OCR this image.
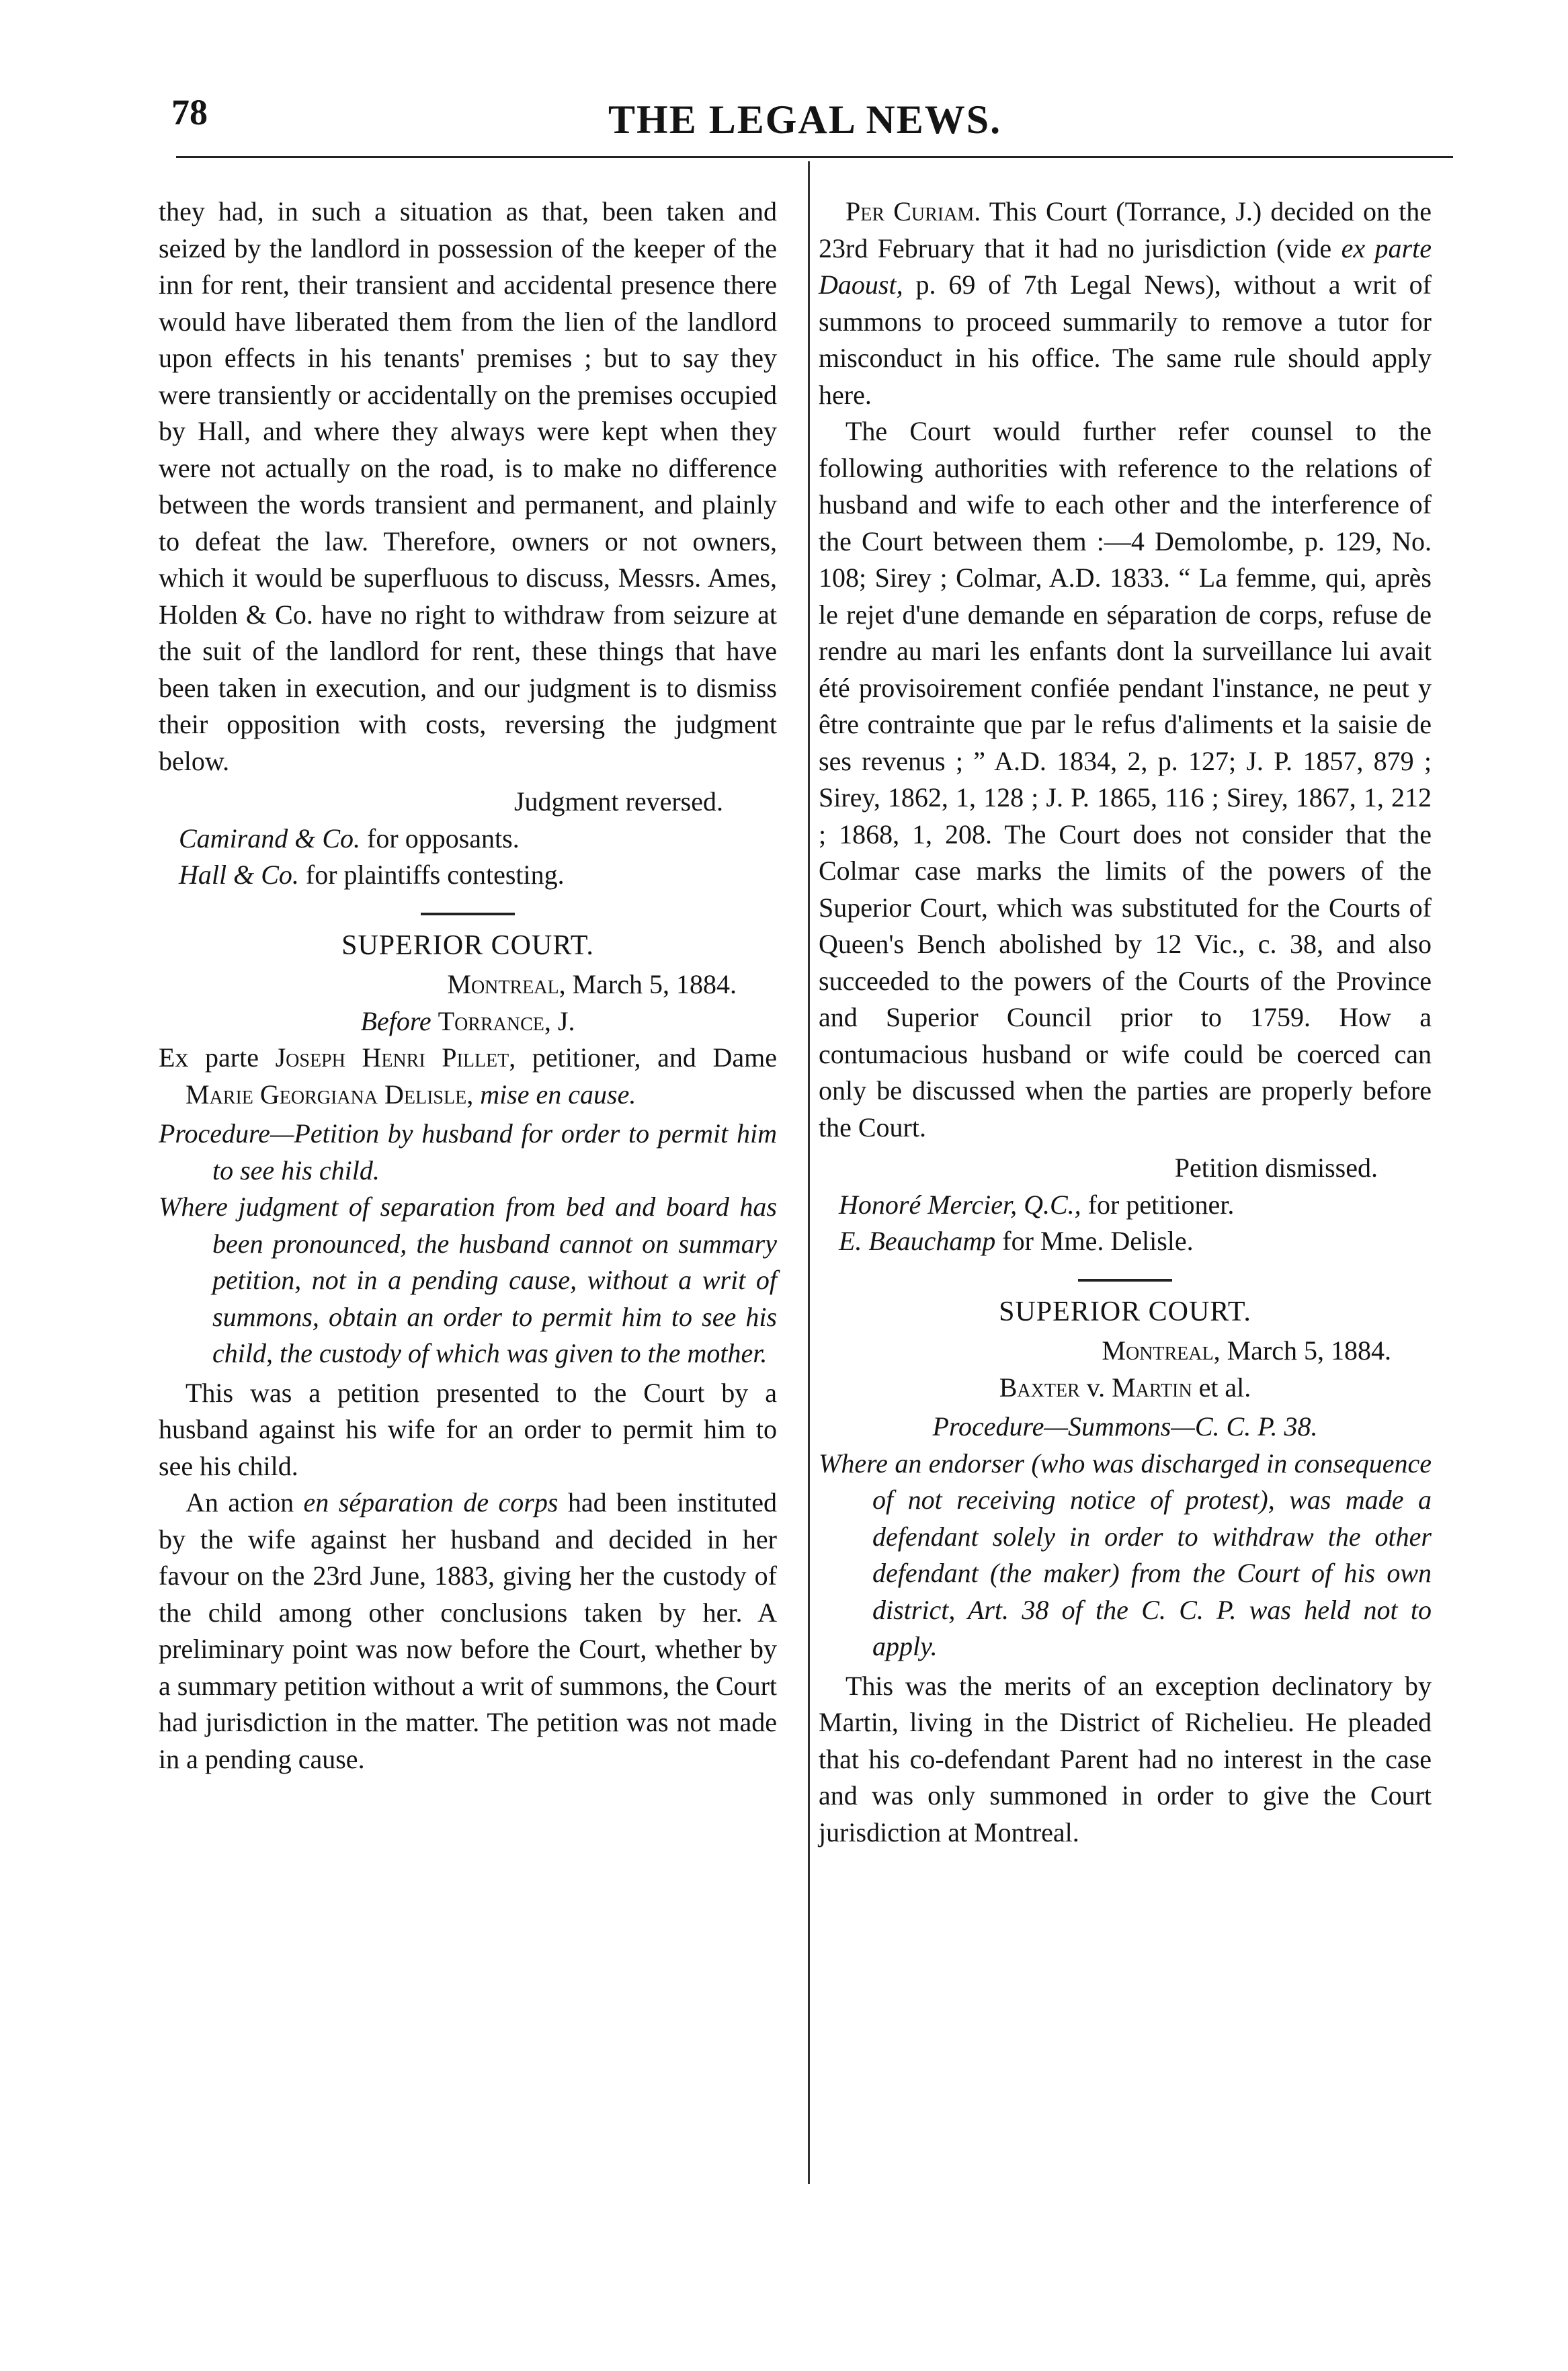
78	THE LEGAL NEWS.

they had, in such a situation as that, been taken and seized by the landlord in possession of the keeper of the inn for rent, their transient and accidental presence there would have liberated them from the lien of the landlord upon effects in his tenants' premises ; but to say they were transiently or accidentally on the premises occupied by Hall, and where they always were kept when they were not actually on the road, is to make no difference between the words transient and permanent, and plainly to defeat the law. Therefore, owners or not owners, which it would be superfluous to discuss, Messrs. Ames, Holden & Co. have no right to withdraw from seizure at the suit of the landlord for rent, these things that have been taken in execution, and our judgment is to dismiss their opposition with costs, reversing the judgment below.

Judgment reversed.

Camirand & Co. for opposants.

Hall & Co. for plaintiffs contesting.

SUPERIOR COURT.

Montreal, March 5, 1884.

Before Torrance, J.

Ex parte Joseph Henri Pillet, petitioner, and Dame Marie Georgiana Delisle, mise en cause.

Procedure—Petition by husband for order to permit him to see his child.

Where judgment of separation from bed and board has been pronounced, the husband cannot on summary petition, not in a pending cause, without a writ of summons, obtain an order to permit him to see his child, the custody of which was given to the mother.

This was a petition presented to the Court by a husband against his wife for an order to permit him to see his child.

An action en séparation de corps had been instituted by the wife against her husband and decided in her favour on the 23rd June, 1883, giving her the custody of the child among other conclusions taken by her. A preliminary point was now before the Court, whether by a summary petition without a writ of summons, the Court had jurisdiction in the matter. The petition was not made in a pending cause.

Per Curiam. This Court (Torrance, J.) decided on the 23rd February that it had no jurisdiction (vide ex parte Daoust, p. 69 of 7th Legal News), without a writ of summons to proceed summarily to remove a tutor for misconduct in his office. The same rule should apply here.

The Court would further refer counsel to the following authorities with reference to the relations of husband and wife to each other and the interference of the Court between them :—4 Demolombe, p. 129, No. 108; Sirey ; Colmar, A.D. 1833. “ La femme, qui, après le rejet d'une demande en séparation de corps, refuse de rendre au mari les enfants dont la surveillance lui avait été provisoirement confiée pendant l'instance, ne peut y être contrainte que par le refus d'aliments et la saisie de ses revenus ; ” A.D. 1834, 2, p. 127; J. P. 1857, 879 ; Sirey, 1862, 1, 128 ; J. P. 1865, 116 ; Sirey, 1867, 1, 212 ; 1868, 1, 208. The Court does not consider that the Colmar case marks the limits of the powers of the Superior Court, which was substituted for the Courts of Queen's Bench abolished by 12 Vic., c. 38, and also succeeded to the powers of the Courts of the Province and Superior Council prior to 1759. How a contumacious husband or wife could be coerced can only be discussed when the parties are properly before the Court.

Petition dismissed.

Honoré Mercier, Q.C., for petitioner.

E. Beauchamp for Mme. Delisle.

SUPERIOR COURT.

Montreal, March 5, 1884.

Baxter v. Martin et al.

Procedure—Summons—C. C. P. 38.

Where an endorser (who was discharged in consequence of not receiving notice of protest), was made a defendant solely in order to withdraw the other defendant (the maker) from the Court of his own district, Art. 38 of the C. C. P. was held not to apply.

This was the merits of an exception declinatory by Martin, living in the District of Richelieu. He pleaded that his co-defendant Parent had no interest in the case and was only summoned in order to give the Court jurisdiction at Montreal.
